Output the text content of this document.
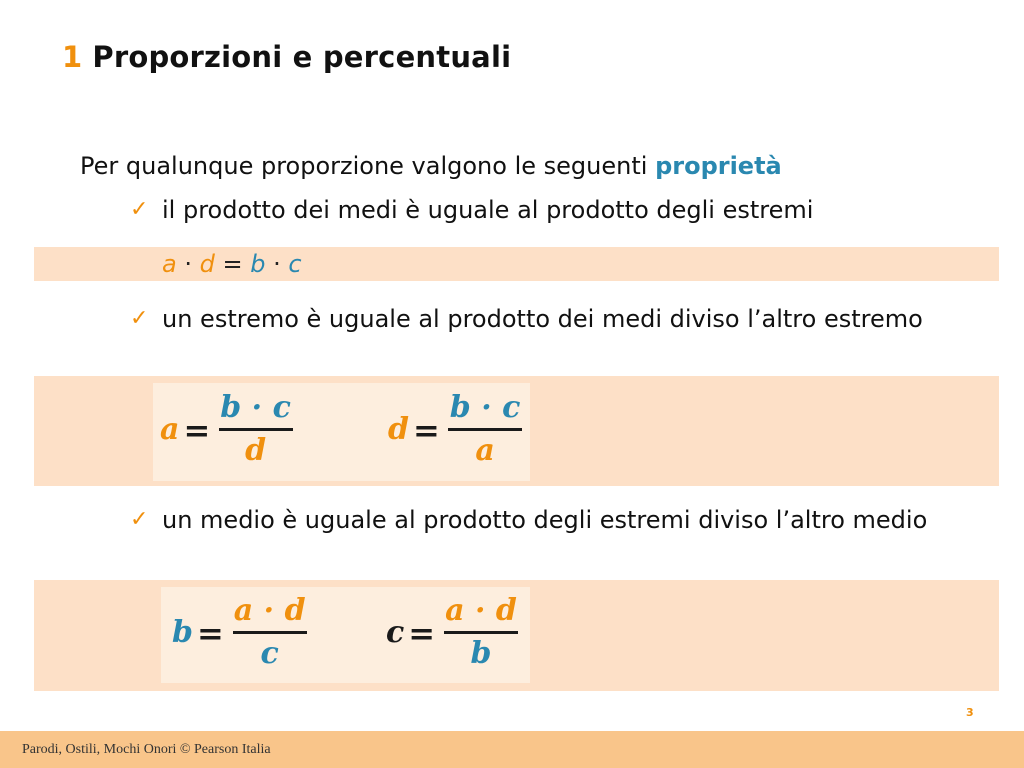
1 Proporzioni e percentuali
Per qualunque proporzione valgono le seguenti proprietà
✓ il prodotto dei medi è uguale al prodotto degli estremi
a · d = b · c
✓ un estremo è uguale al prodotto dei medi diviso l’altro estremo
$a = \frac{b \cdot c}{d}$	$d = \frac{b \cdot c}{a}$
✓ un medio è uguale al prodotto degli estremi diviso l’altro medio
$b = \frac{a \cdot d}{c}$	$c = \frac{a \cdot d}{b}$
3
Parodi, Ostili, Mochi Onori © Pearson Italia
